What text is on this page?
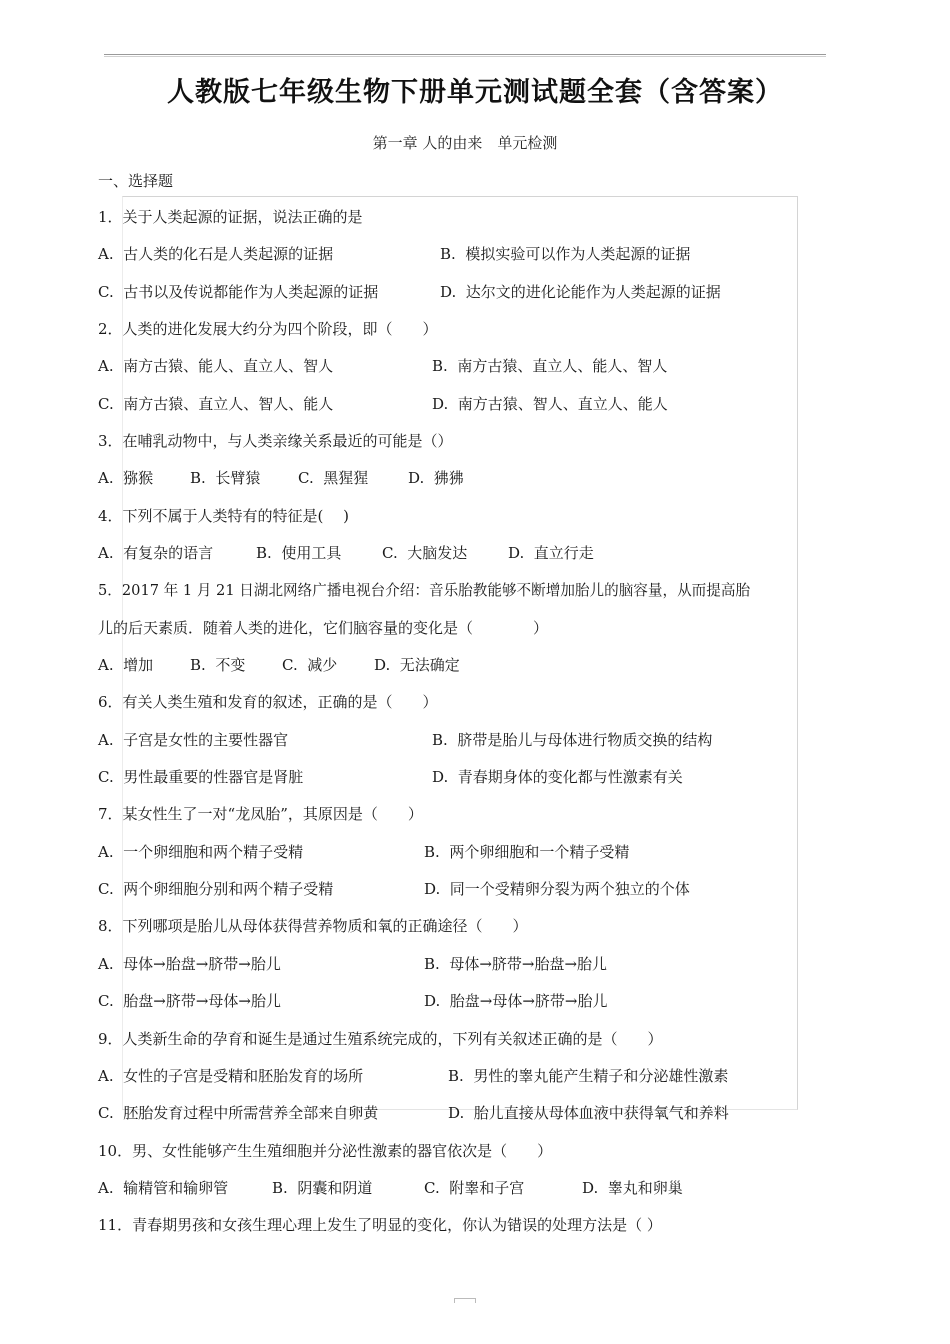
人教版七年级生物下册单元测试题全套（含答案）
第一章 人的由来　单元检测
一、选择题
1．关于人类起源的证据，说法正确的是
A.  古人类的化石是人类起源的证据	B.  模拟实验可以作为人类起源的证据
C.  古书以及传说都能作为人类起源的证据	D.  达尔文的进化论能作为人类起源的证据
2．人类的进化发展大约分为四个阶段，即（　　）
A.  南方古猿、能人、直立人、智人	B.  南方古猿、直立人、能人、智人
C.  南方古猿、直立人、智人、能人	D.  南方古猿、智人、直立人、能人
3．在哺乳动物中，与人类亲缘关系最近的可能是（）
A.  猕猴 B.  长臂猿	C.  黑猩猩	D.  狒狒
4．下列不属于人类特有的特征是(　 )
A.  有复杂的语言	B.  使用工具	C.  大脑发达	D.  直立行走
5．2017 年 1 月 21 日湖北网络广播电视台介绍：音乐胎教能够不断增加胎儿的脑容量，从而提高胎
儿的后天素质．随着人类的进化，它们脑容量的变化是（　　　　）
A.  增加 B.  不变 C.  减少 D.  无法确定
6．有关人类生殖和发育的叙述，正确的是（　　）
A.  子宫是女性的主要性器官	B.  脐带是胎儿与母体进行物质交换的结构
C.  男性最重要的性器官是肾脏	D.  青春期身体的变化都与性激素有关
7．某女性生了一对“龙凤胎”，其原因是（　　）
A.  一个卵细胞和两个精子受精	B.  两个卵细胞和一个精子受精
C.  两个卵细胞分别和两个精子受精	D.  同一个受精卵分裂为两个独立的个体
8．下列哪项是胎儿从母体获得营养物质和氧的正确途径（　　）
A.  母体→胎盘→脐带→胎儿	B.  母体→脐带→胎盘→胎儿
C.  胎盘→脐带→母体→胎儿	D.  胎盘→母体→脐带→胎儿
9．人类新生命的孕育和诞生是通过生殖系统完成的，下列有关叙述正确的是（　　）
A.  女性的子宫是受精和胚胎发育的场所	B.  男性的睾丸能产生精子和分泌雄性激素
C.  胚胎发育过程中所需营养全部来自卵黄	D.  胎儿直接从母体血液中获得氧气和养料
10．男、女性能够产生生殖细胞并分泌性激素的器官依次是（　　）
A.  输精管和输卵管	B.  阴囊和阴道	C.  附睾和子宫	D.  睾丸和卵巢
11．青春期男孩和女孩生理心理上发生了明显的变化，你认为错误的处理方法是（ ）
